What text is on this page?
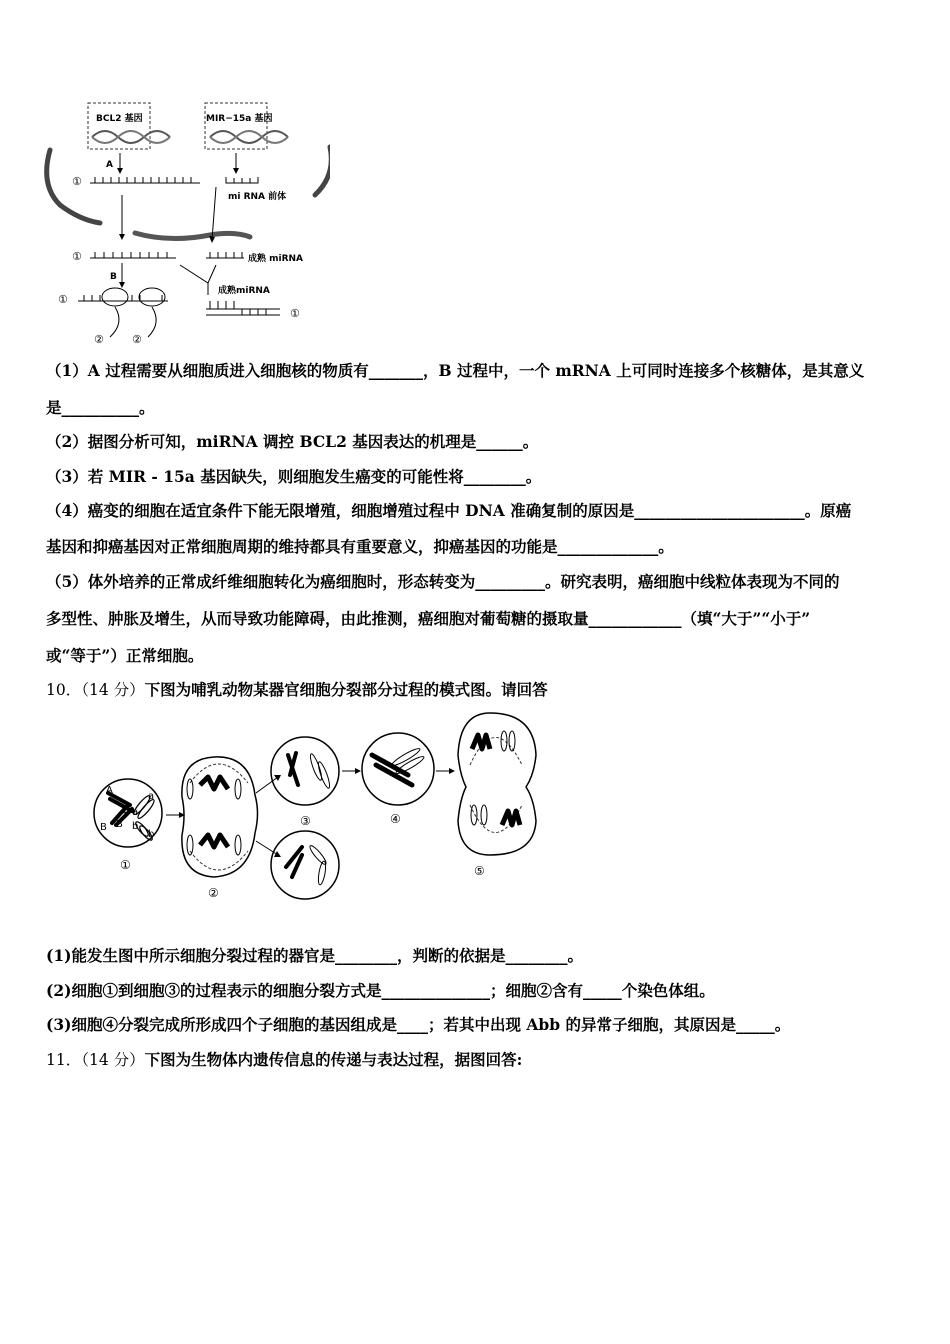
BCL2 基因	MIR−15a 基因
A
①
mi RNA 前体
①	成熟 miRNA
B
成熟miRNA
①
②	②
①
（1）A 过程需要从细胞质进入细胞核的物质有_______，B 过程中，一个 mRNA 上可同时连接多个核糖体，是其意义
是__________。
（2）据图分析可知，miRNA 调控 BCL2 基因表达的机理是______。
（3）若 MIR - 15a 基因缺失，则细胞发生癌变的可能性将________。
（4）癌变的细胞在适宜条件下能无限增殖，细胞增殖过程中 DNA 准确复制的原因是______________________。原癌
基因和抑癌基因对正常细胞周期的维持都具有重要意义，抑癌基因的功能是_____________。
（5）体外培养的正常成纤维细胞转化为癌细胞时，形态转变为_________。研究表明，癌细胞中线粒体表现为不同的
多型性、肿胀及增生，从而导致功能障碍，由此推测，癌细胞对葡萄糖的摄取量____________（填“大于”“小于”
或“等于”）正常细胞。
10．（14 分）下图为哺乳动物某器官细胞分裂部分过程的模式图。请回答
A
A a
a
B
B	b
b
①
②
③	④
⑤
(1)能发生图中所示细胞分裂过程的器官是________，判断的依据是________。
(2)细胞①到细胞③的过程表示的细胞分裂方式是______________；细胞②含有_____个染色体组。
(3)细胞④分裂完成所形成四个子细胞的基因组成是____；若其中出现 Abb 的异常子细胞，其原因是_____。
11．（14 分）下图为生物体内遗传信息的传递与表达过程，据图回答:
